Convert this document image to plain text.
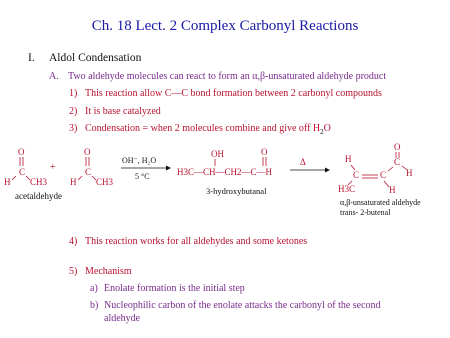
Ch. 18 Lect. 2 Complex Carbonyl Reactions
I. Aldol Condensation
A. Two aldehyde molecules can react to form an α,β-unsaturated aldehyde product
1) This reaction allow C—C bond formation between 2 carbonyl compounds
2) It is base catalyzed
3) Condensation = when 2 molecules combine and give off $H_2O$
O
C
H CH3
acetaldehyde
+
O
C
H CH3
OH⁻, H₂O
5 °C
OH	O
H3C—CH—CH2—C—H
3-hydroxybutanal
Δ
O
C
H
C
H
C
H
H3C
α,β-unsaturated aldehyde
trans- 2-butenal
4) This reaction works for all aldehydes and some ketones
5) Mechanism
a) Enolate formation is the initial step
b) Nucleophilic carbon of the enolate attacks the carbonyl of the second
aldehyde
